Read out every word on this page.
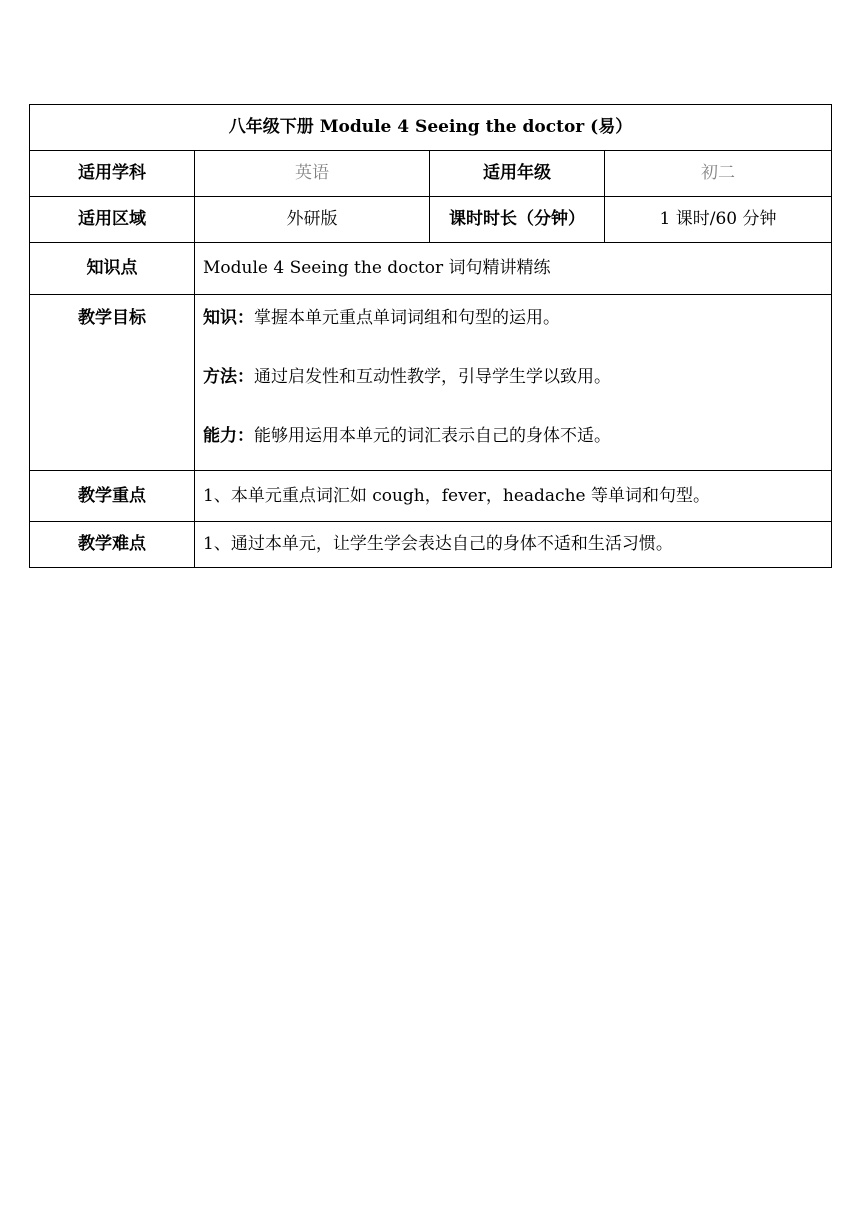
八年级下册 Module 4 Seeing the doctor (易）			
适用学科	英语	适用年级	初二
适用区域	外研版	课时时长（分钟）	1 课时/60 分钟
知识点	Module 4 Seeing the doctor 词句精讲精练		
教学目标	知识：掌握本单元重点单词词组和句型的运用。
方法：通过启发性和互动性教学，引导学生学以致用。
能力：能够用运用本单元的词汇表示自己的身体不适。		

教学重点	1、本单元重点词汇如 cough，fever，headache 等单词和句型。		
教学难点	1、通过本单元，让学生学会表达自己的身体不适和生活习惯。		
